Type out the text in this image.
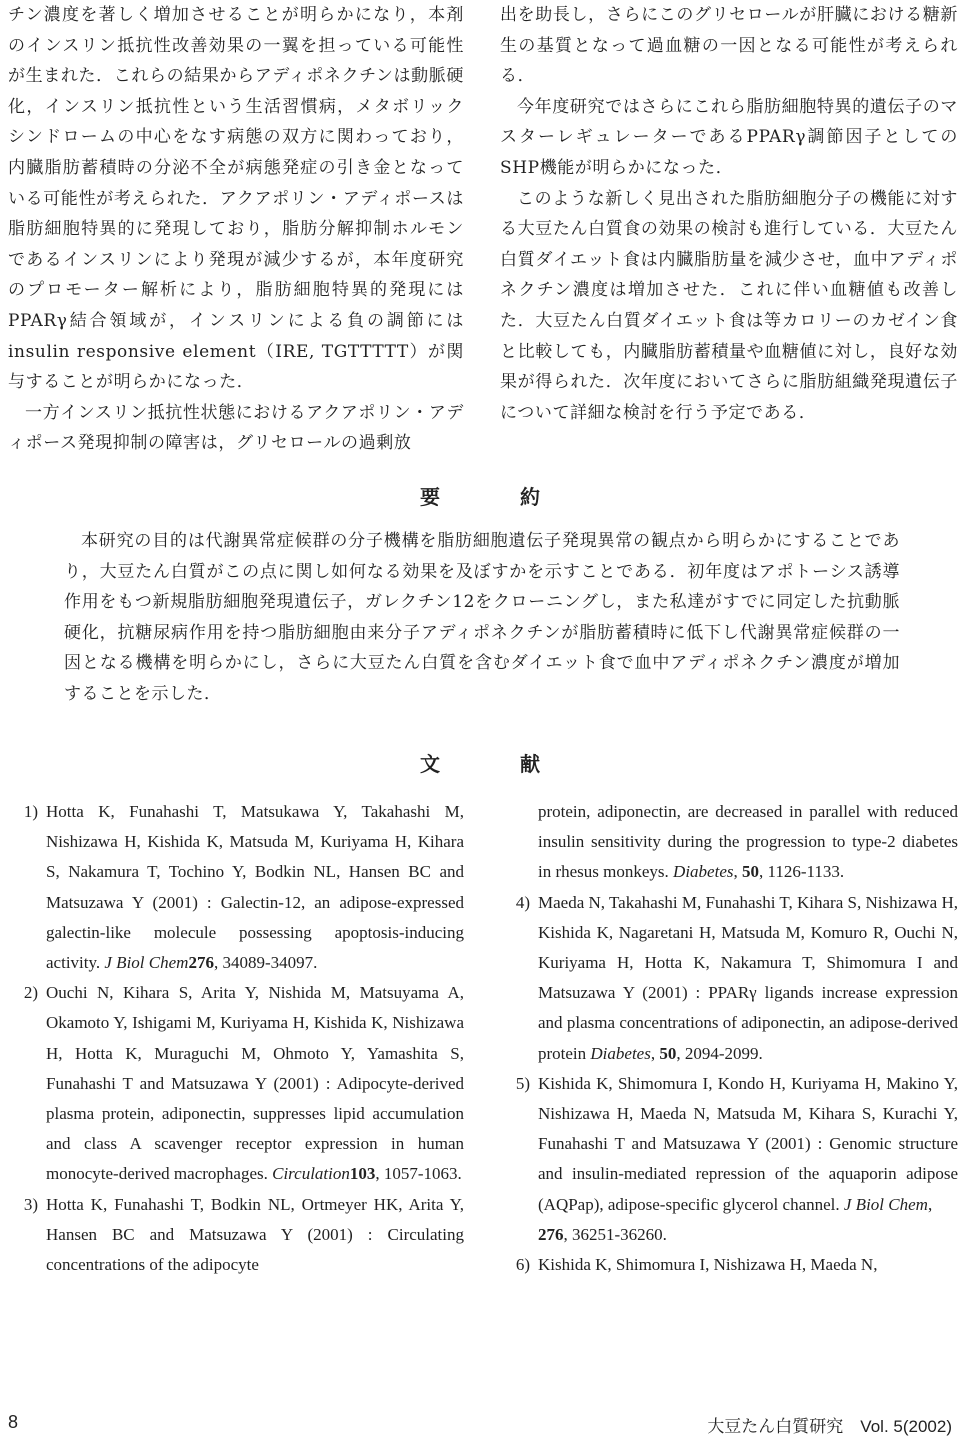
チン濃度を著しく増加させることが明らかになり，本剤のインスリン抵抗性改善効果の一翼を担っている可能性が生まれた．これらの結果からアディポネクチンは動脈硬化，インスリン抵抗性という生活習慣病，メタボリックシンドロームの中心をなす病態の双方に関わっており，内臓脂肪蓄積時の分泌不全が病態発症の引き金となっている可能性が考えられた．アクアポリン・アディポースは脂肪細胞特異的に発現しており，脂肪分解抑制ホルモンであるインスリンにより発現が減少するが，本年度研究のプロモーター解析により，脂肪細胞特異的発現にはPPARγ結合領域が，インスリンによる負の調節にはinsulin responsive element（IRE, TGTTTTT）が関与することが明らかになった．

一方インスリン抵抗性状態におけるアクアポリン・アディポース発現抑制の障害は，グリセロールの過剰放

出を助長し，さらにこのグリセロールが肝臓における糖新生の基質となって過血糖の一因となる可能性が考えられる．

今年度研究ではさらにこれら脂肪細胞特異的遺伝子のマスターレギュレーターであるPPARγ調節因子としてのSHP機能が明らかになった．

このような新しく見出された脂肪細胞分子の機能に対する大豆たん白質食の効果の検討も進行している．大豆たん白質ダイエット食は内臓脂肪量を減少させ，血中アディポネクチン濃度は増加させた．これに伴い血糖値も改善した．大豆たん白質ダイエット食は等カロリーのカゼイン食と比較しても，内臓脂肪蓄積量や血糖値に対し，良好な効果が得られた．次年度においてさらに脂肪組織発現遺伝子について詳細な検討を行う予定である．

要約

本研究の目的は代謝異常症候群の分子機構を脂肪細胞遺伝子発現異常の観点から明らかにすることであり，大豆たん白質がこの点に関し如何なる効果を及ぼすかを示すことである．初年度はアポトーシス誘導作用をもつ新規脂肪細胞発現遺伝子，ガレクチン12をクローニングし，また私達がすでに同定した抗動脈硬化，抗糖尿病作用を持つ脂肪細胞由来分子アディポネクチンが脂肪蓄積時に低下し代謝異常症候群の一因となる機構を明らかにし，さらに大豆たん白質を含むダイエット食で血中アディポネクチン濃度が増加することを示した．

文献
1) Hotta K, Funahashi T, Matsukawa Y, Takahashi M, Nishizawa H, Kishida K, Matsuda M, Kuriyama H, Kihara S, Nakamura T, Tochino Y, Bodkin NL, Hansen BC and Matsuzawa Y (2001) : Galectin-12, an adipose-expressed galectin-like molecule possessing apoptosis-inducing activity. J Biol Chem276, 34089-34097.
2) Ouchi N, Kihara S, Arita Y, Nishida M, Matsuyama A, Okamoto Y, Ishigami M, Kuriyama H, Kishida K, Nishizawa H, Hotta K, Muraguchi M, Ohmoto Y, Yamashita S, Funahashi T and Matsuzawa Y (2001) : Adipocyte-derived plasma protein, adiponectin, suppresses lipid accumulation and class A scavenger receptor expression in human monocyte-derived macrophages. Circulation103, 1057-1063.
3) Hotta K, Funahashi T, Bodkin NL, Ortmeyer HK, Arita Y, Hansen BC and Matsuzawa Y (2001) : Circulating concentrations of the adipocyte

protein, adiponectin, are decreased in parallel with reduced insulin sensitivity during the progression to type-2 diabetes in rhesus monkeys. Diabetes, 50, 1126-1133.

4) Maeda N, Takahashi M, Funahashi T, Kihara S, Nishizawa H, Kishida K, Nagaretani H, Matsuda M, Komuro R, Ouchi N, Kuriyama H, Hotta K, Nakamura T, Shimomura I and Matsuzawa Y (2001) : PPARγ ligands increase expression and plasma concentrations of adiponectin, an adipose-derived protein Diabetes, 50, 2094-2099.
5) Kishida K, Shimomura I, Kondo H, Kuriyama H, Makino Y, Nishizawa H, Maeda N, Matsuda M, Kihara S, Kurachi Y, Funahashi T and Matsuzawa Y (2001) : Genomic structure and insulin-mediated repression of the aquaporin adipose (AQPap), adipose-specific glycerol channel. J Biol Chem,
276, 36251-36260.
6) Kishida K, Shimomura I, Nishizawa H, Maeda N,
8	大豆たん白質研究　Vol. 5(2002)
